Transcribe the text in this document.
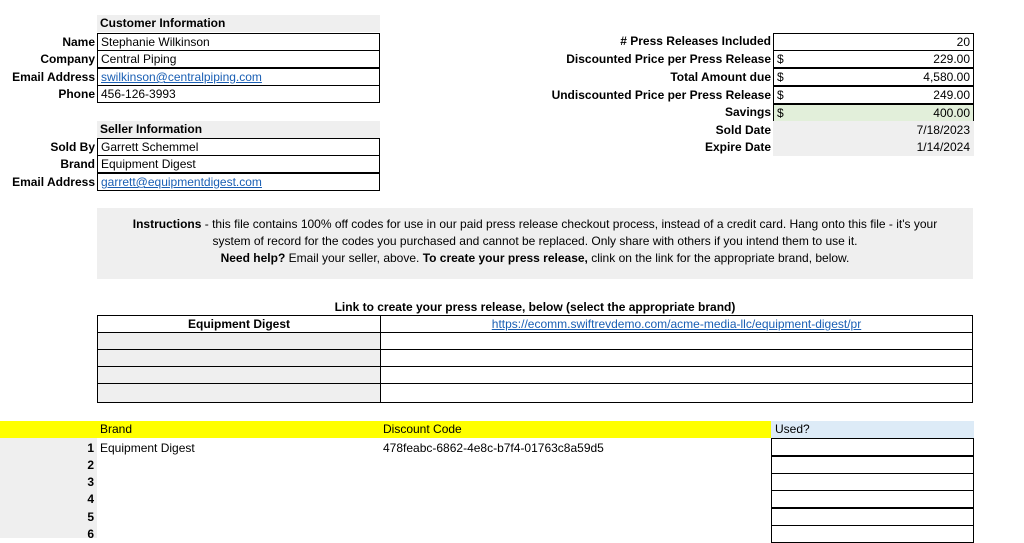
Customer Information
Name Stephanie Wilkinson
Company Central Piping
Email Address swilkinson@centralpiping.com
Phone 456-126-3993
Seller Information
Sold By Garrett Schemmel
Brand Equipment Digest
Email Address garrett@equipmentdigest.com
# Press Releases Included	20
Discounted Price per Press Release $	229.00
Total Amount due $	4,580.00
Undiscounted Price per Press Release $	249.00
Savings $	400.00
Sold Date	7/18/2023
Expire Date	1/14/2024
Instructions - this file contains 100% off codes for use in our paid press release checkout process, instead of a credit card. Hang onto this file - it's your
system of record for the codes you purchased and cannot be replaced. Only share with others if you intend them to use it.
Need help? Email your seller, above. To create your press release, clink on the link for the appropriate brand, below.
Link to create your press release, below (select the appropriate brand)
Equipment Digest	https://ecomm.swiftrevdemo.com/acme-media-llc/equipment-digest/pr
Brand	Discount Code	Used?
1 Equipment Digest	478feabc-6862-4e8c-b7f4-01763c8a59d5
2
3
4
5
6
